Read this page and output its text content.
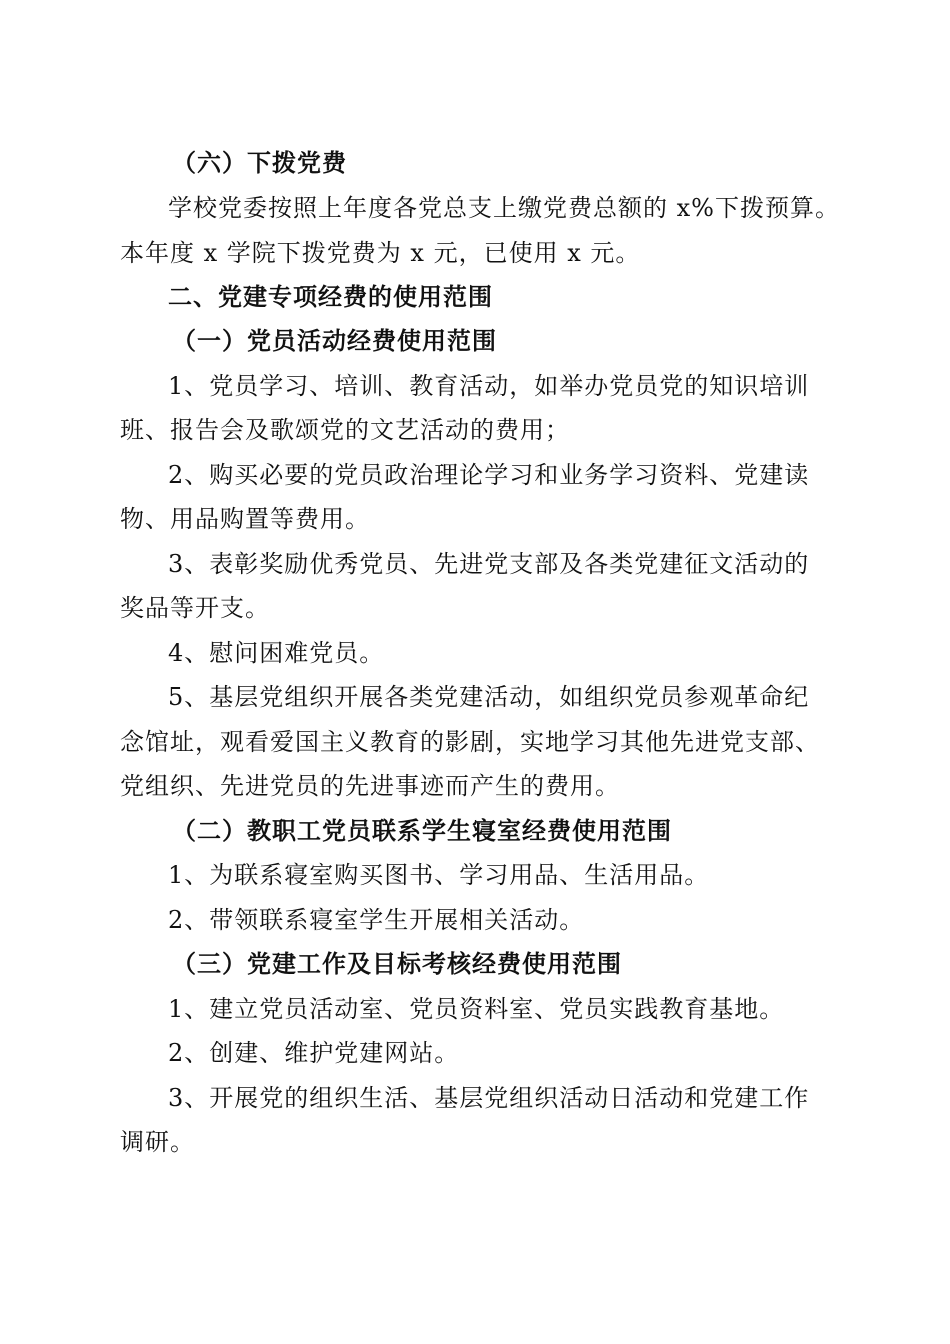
（六）下拨党费
学校党委按照上年度各党总支上缴党费总额的 x%下拨预算。
本年度 x 学院下拨党费为 x 元，已使用 x 元。
二、党建专项经费的使用范围
（一）党员活动经费使用范围
1、党员学习、培训、教育活动，如举办党员党的知识培训
班、报告会及歌颂党的文艺活动的费用；
2、购买必要的党员政治理论学习和业务学习资料、党建读
物、用品购置等费用。
3、表彰奖励优秀党员、先进党支部及各类党建征文活动的
奖品等开支。
4、慰问困难党员。
5、基层党组织开展各类党建活动，如组织党员参观革命纪
念馆址，观看爱国主义教育的影剧，实地学习其他先进党支部、
党组织、先进党员的先进事迹而产生的费用。
（二）教职工党员联系学生寝室经费使用范围
1、为联系寝室购买图书、学习用品、生活用品。
2、带领联系寝室学生开展相关活动。
（三）党建工作及目标考核经费使用范围
1、建立党员活动室、党员资料室、党员实践教育基地。
2、创建、维护党建网站。
3、开展党的组织生活、基层党组织活动日活动和党建工作
调研。
